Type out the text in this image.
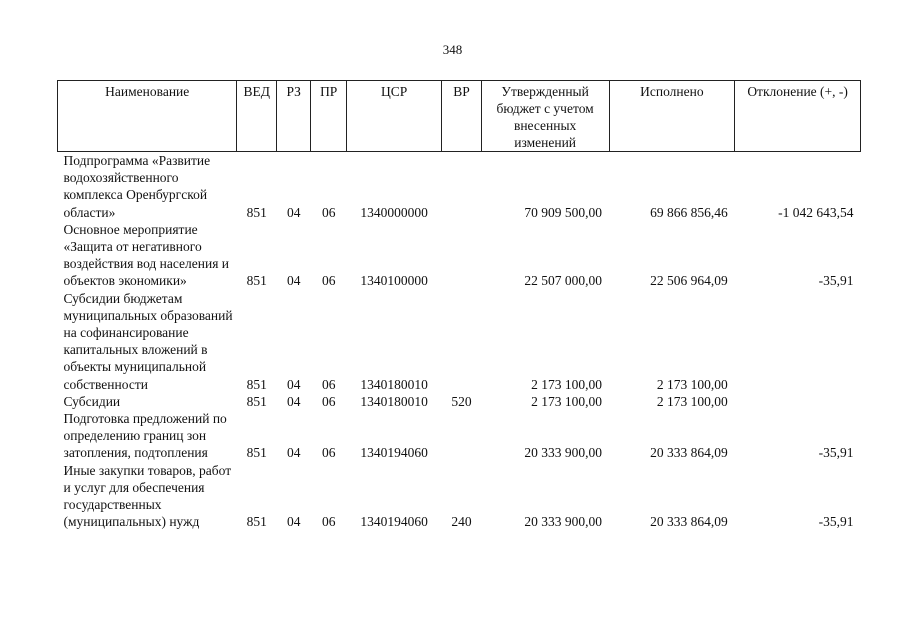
348
Наименование	ВЕД	РЗ	ПР	ЦСР	ВР	Утвержденный бюджет с учетом внесенных изменений	Исполнено	Отклонение (+, -)
Подпрограмма «Развитие водохозяйственного комплекса Оренбургской области»	851	04	06	1340000000		70 909 500,00	69 866 856,46	-1 042 643,54
Основное мероприятие «Защита от негативного воздействия вод населения и объектов экономики»	851	04	06	1340100000		22 507 000,00	22 506 964,09	-35,91
Субсидии бюджетам муниципальных образований на софинансирование капитальных вложений в объекты муниципальной собственности	851	04	06	1340180010		2 173 100,00	2 173 100,00	
Субсидии	851	04	06	1340180010	520	2 173 100,00	2 173 100,00	
Подготовка предложений по определению границ зон затопления, подтопления	851	04	06	1340194060		20 333 900,00	20 333 864,09	-35,91
Иные закупки товаров, работ и услуг для обеспечения государственных (муниципальных) нужд	851	04	06	1340194060	240	20 333 900,00	20 333 864,09	-35,91
